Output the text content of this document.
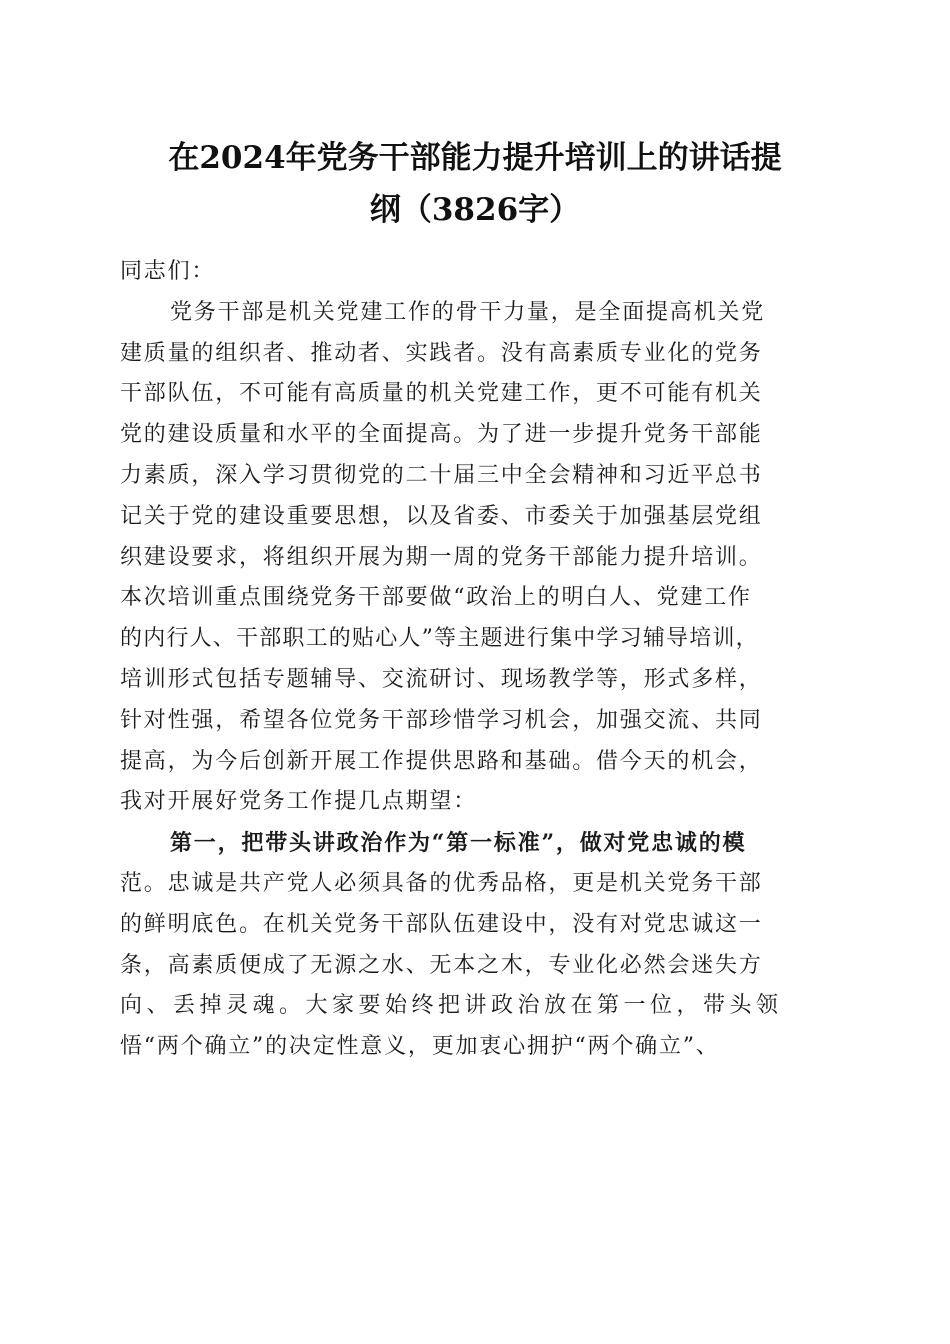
在2024年党务干部能力提升培训上的讲话提
纲（3826字）
同志们：
党务干部是机关党建工作的骨干力量，是全面提高机关党
建质量的组织者、推动者、实践者。没有高素质专业化的党务
干部队伍，不可能有高质量的机关党建工作，更不可能有机关
党的建设质量和水平的全面提高。为了进一步提升党务干部能
力素质，深入学习贯彻党的二十届三中全会精神和习近平总书
记关于党的建设重要思想，以及省委、市委关于加强基层党组
织建设要求，将组织开展为期一周的党务干部能力提升培训。
本次培训重点围绕党务干部要做“政治上的明白人、党建工作
的内行人、干部职工的贴心人”等主题进行集中学习辅导培训，
培训形式包括专题辅导、交流研讨、现场教学等，形式多样，
针对性强，希望各位党务干部珍惜学习机会，加强交流、共同
提高，为今后创新开展工作提供思路和基础。借今天的机会，
我对开展好党务工作提几点期望：
第一，把带头讲政治作为“第一标准”，做对党忠诚的模
范。忠诚是共产党人必须具备的优秀品格，更是机关党务干部
的鲜明底色。在机关党务干部队伍建设中，没有对党忠诚这一
条，高素质便成了无源之水、无本之木，专业化必然会迷失方
向、丢掉灵魂。大家要始终把讲政治放在第一位，带头领
悟“两个确立”的决定性意义，更加衷心拥护“两个确立”、
